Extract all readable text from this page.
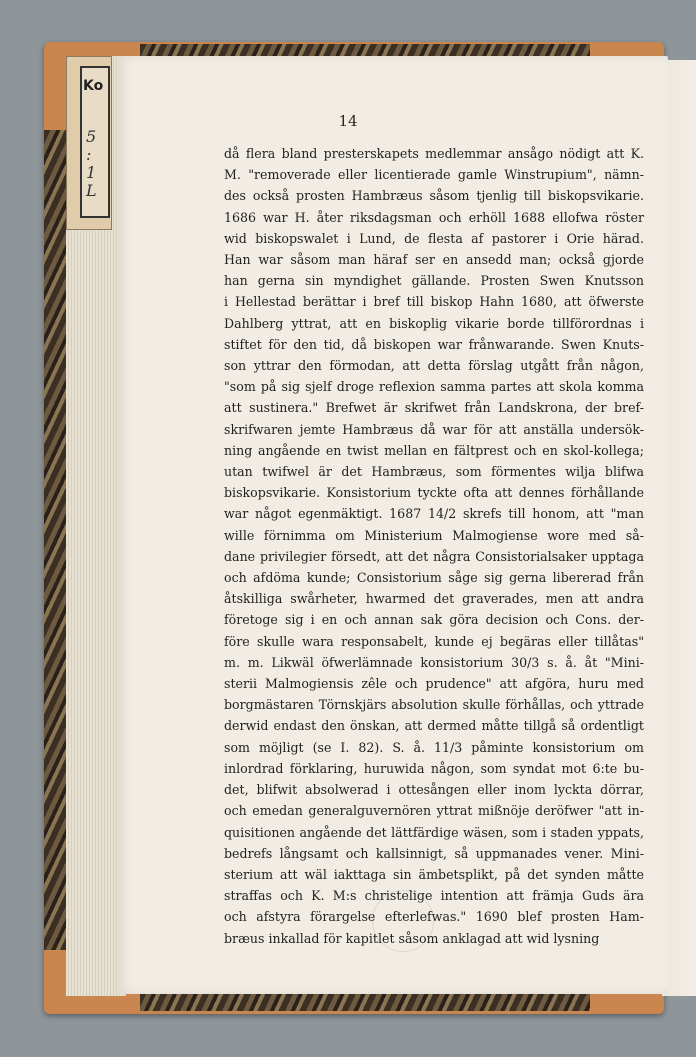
Ko
5 : 1 L
14
då flera bland presterskapets medlemmar ansågo nödigt att K.
M. "removerade eller licentierade gamle Winstrupium", nämn-
des också prosten Hambræus såsom tjenlig till biskopsvikarie.
1686 war H. åter riksdagsman och erhöll 1688 ellofwa röster
wid biskopswalet i Lund, de flesta af pastorer i Orie härad.
Han war såsom man häraf ser en ansedd man; också gjorde
han gerna sin myndighet gällande. Prosten Swen Knutsson
i Hellestad berättar i bref till biskop Hahn 1680, att öfwerste
Dahlberg yttrat, att en biskoplig vikarie borde tillförordnas i
stiftet för den tid, då biskopen war frånwarande. Swen Knuts-
son yttrar den förmodan, att detta förslag utgått från någon,
"som på sig sjelf droge reflexion samma partes att skola komma
att sustinera." Brefwet är skrifwet från Landskrona, der bref-
skrifwaren jemte Hambræus då war för att anställa undersök-
ning angående en twist mellan en fältprest och en skol-kollega;
utan twifwel är det Hambræus, som förmentes wilja blifwa
biskopsvikarie. Konsistorium tyckte ofta att dennes förhållande
war något egenmäktigt. 1687 14/2 skrefs till honom, att "man
wille förnimma om Ministerium Malmogiense wore med så-
dane privilegier försedt, att det några Consistorialsaker upptaga
och afdöma kunde; Consistorium såge sig gerna libererad från
åtskilliga swårheter, hwarmed det graverades, men att andra
företoge sig i en och annan sak göra decision och Cons. der-
före skulle wara responsabelt, kunde ej begäras eller tillåtas"
m. m. Likwäl öfwerlämnade konsistorium 30/3 s. å. åt "Mini-
sterii Malmogiensis zêle och prudence" att afgöra, huru med
borgmästaren Törnskjärs absolution skulle förhållas, och yttrade
derwid endast den önskan, att dermed måtte tillgå så ordentligt
som möjligt (se I. 82). S. å. 11/3 påminte konsistorium om
inlordrad förklaring, huruwida någon, som syndat mot 6:te bu-
det, blifwit absolwerad i ottesången eller inom lyckta dörrar,
och emedan generalguvernören yttrat mißnöje deröfwer "att in-
quisitionen angående det lättfärdige wäsen, som i staden yppats,
bedrefs långsamt och kallsinnigt, så uppmanades vener. Mini-
sterium att wäl iakttaga sin ämbetsplikt, på det synden måtte
straffas och K. M:s christelige intention att främja Guds ära
och afstyra förargelse efterlefwas." 1690 blef prosten Ham-
bræus inkallad för kapitlet såsom anklagad att wid lysning
